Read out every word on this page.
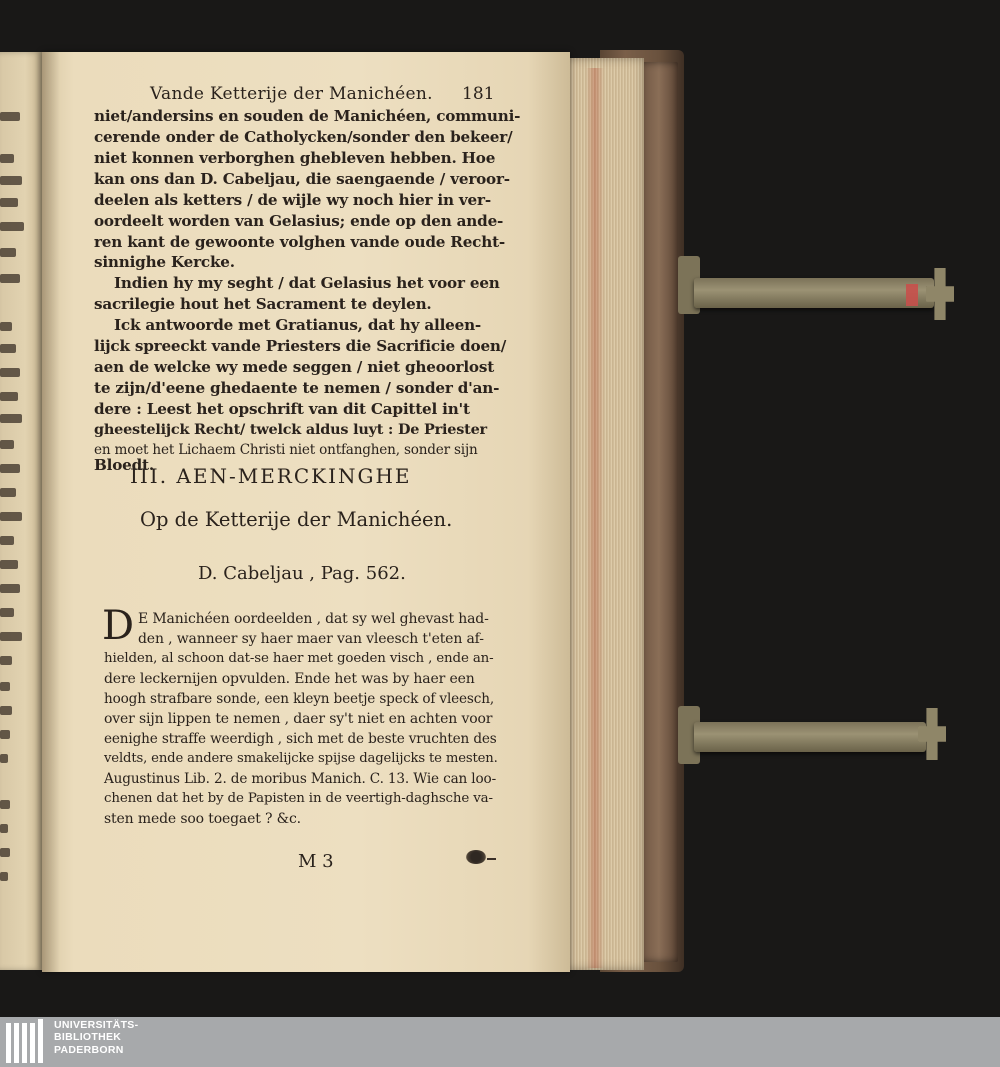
Vande Ketterije der Manichéen. 181
niet/andersins en souden de Manichéen, communi-
cerende onder de Catholycken/sonder den bekeer/
niet konnen verborghen ghebleven hebben. Hoe
kan ons dan D. Cabeljau, die saengaende / veroor-
deelen als ketters / de wijle wy noch hier in ver-
oordeelt worden van Gelasius; ende op den ande-
ren kant de gewoonte volghen vande oude Recht-
sinnighe Kercke.
Indien hy my seght / dat Gelasius het voor een
sacrilegie hout het Sacrament te deylen.
Ick antwoorde met Gratianus, dat hy alleen-
lijck spreeckt vande Priesters die Sacrificie doen/
aen de welcke wy mede seggen / niet gheoorlost
te zijn/d'eene ghedaente te nemen / sonder d'an-
dere : Leest het opschrift van dit Capittel in't
gheestelijck Recht/ twelck aldus luyt : De Priester
en moet het Lichaem Christi niet ontfanghen, sonder sijn
III. AEN-MERCKINGHE
Op de Ketterije der Manichéen.
D. Cabeljau , Pag. 562.
D E Manichéen oordeelden , dat sy wel ghevast had-
den , wanneer sy haer maer van vleesch t'eten af-
hielden, al schoon dat-se haer met goeden visch , ende an-
dere leckernijen opvulden. Ende het was by haer een
hoogh strafbare sonde, een kleyn beetje speck of vleesch,
over sijn lippen te nemen , daer sy't niet en achten voor
eenighe straffe weerdigh , sich met de beste vruchten des
veldts, ende andere smakelijcke spijse dagelijcks te mesten.
Augustinus Lib. 2. de moribus Manich. C. 13. Wie can loo-
chenen dat het by de Papisten in de veertigh-daghsche va-
sten mede soo toegaet ? &c.
M 3
Bloedt.
UNIVERSITÄTS-
BIBLIOTHEK
PADERBORN
